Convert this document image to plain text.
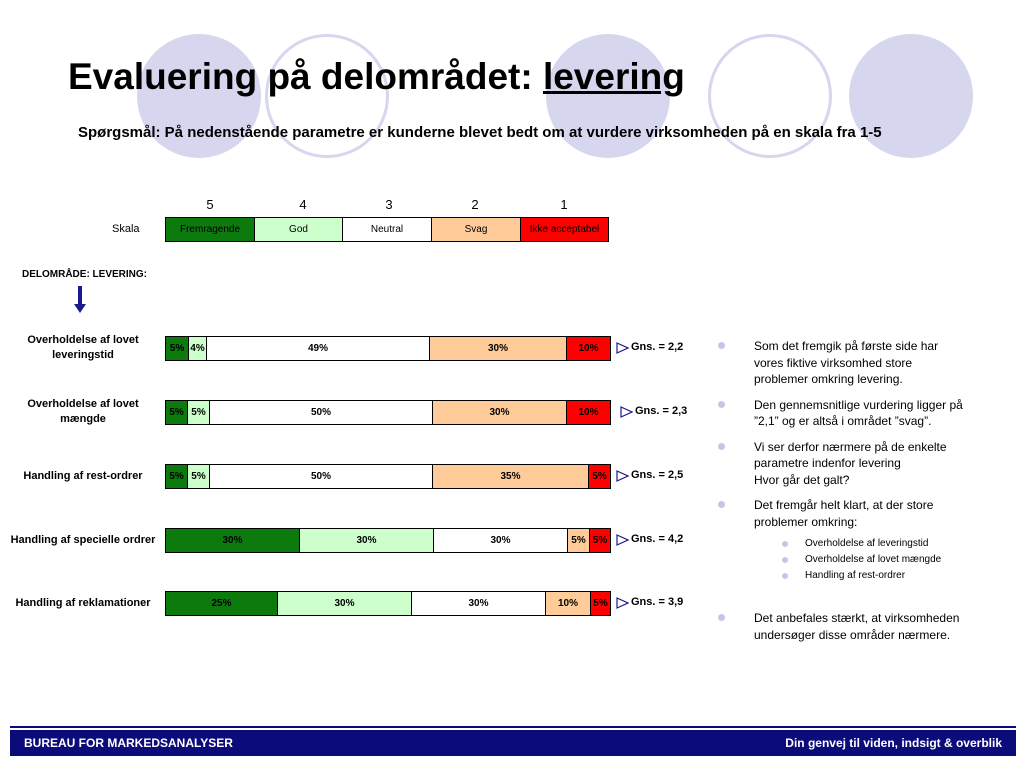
Evaluering på delområdet: levering
Spørgsmål: På nedenstående parametre er kunderne blevet bedt om at vurdere virksomheden på en skala fra 1-5
5	4	3	2	1
Skala	Fremragende	God	Neutral	Svag	Ikke acceptabel
DELOMRÅDE: LEVERING:
Overholdelse af lovet leveringstid
5% 4%	49%	30%	10%	Gns. = 2,2
Overholdelse af lovet mængde
5% 5%	50%	30%	10%	Gns. = 2,3
Handling af rest-ordrer	5% 5%	50%	35%	5% Gns. = 2,5
Handling af specielle ordrer	30%	30%	30%	5% 5% Gns. = 4,2
Handling af reklamationer	25%	30%	30%	10% 5% Gns. = 3,9
Som det fremgik på første side har
vores fiktive virksomhed store
problemer omkring levering.
Den gennemsnitlige vurdering ligger på
”2,1” og er altså i området ”svag”.
Vi ser derfor nærmere på de enkelte
parametre indenfor levering
Hvor går det galt?
Det fremgår helt klart, at der store
problemer omkring:
Overholdelse af leveringstid
Overholdelse af lovet mængde
Handling af rest-ordrer
Det anbefales stærkt, at virksomheden
undersøger disse områder nærmere.
BUREAU FOR MARKEDSANALYSER	Din genvej til viden, indsigt & overblik
